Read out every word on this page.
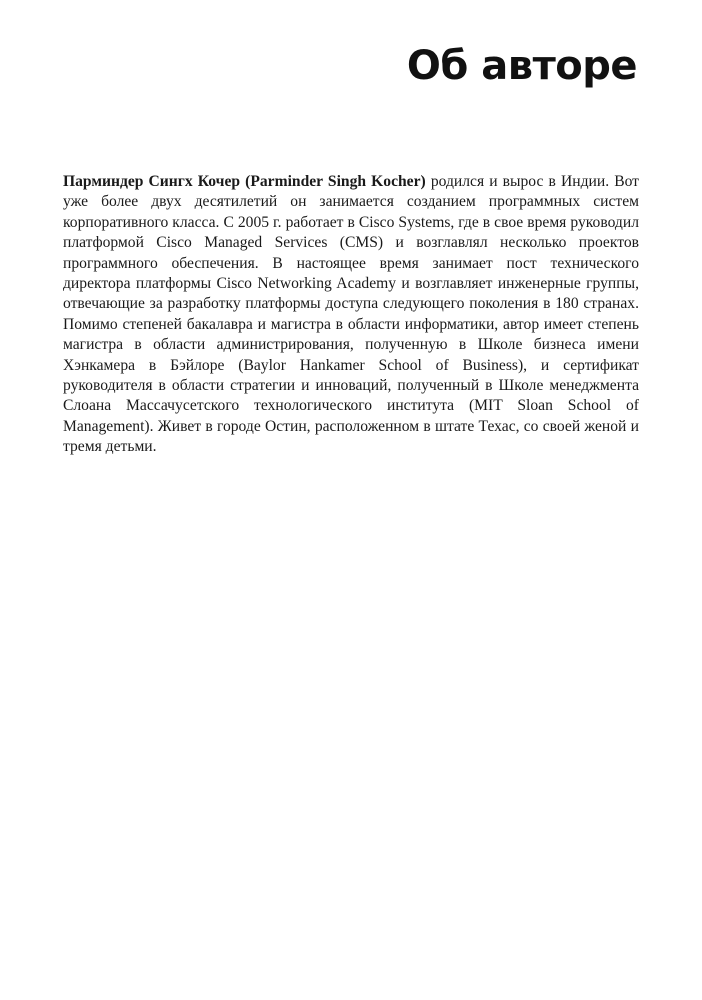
Об авторе

Парминдер Сингх Кочер (Parminder Singh Kocher) родился и вырос в Индии. Вот уже более двух десятилетий он занимается созданием программных систем корпоративного класса. С 2005 г. работает в Cisco Systems, где в свое время руководил платформой Cisco Managed Services (CMS) и возглавлял несколько проектов программного обеспечения. В настоящее время занимает пост технического директора платформы Cisco Networking Academy и возглавляет инженерные группы, отвечающие за разработку платформы доступа следующего поколения в 180 странах. Помимо степеней бакалавра и магистра в области информатики, автор имеет степень магистра в области администрирования, полученную в Школе бизнеса имени Хэнкамера в Бэйлоре (Baylor Hankamer School of Business), и сертификат руководителя в области стратегии и инноваций, полученный в Школе менеджмента Слоана Массачусетского технологического института (MIT Sloan School of Management). Живет в городе Остин, расположенном в штате Техас, со своей женой и тремя детьми.
